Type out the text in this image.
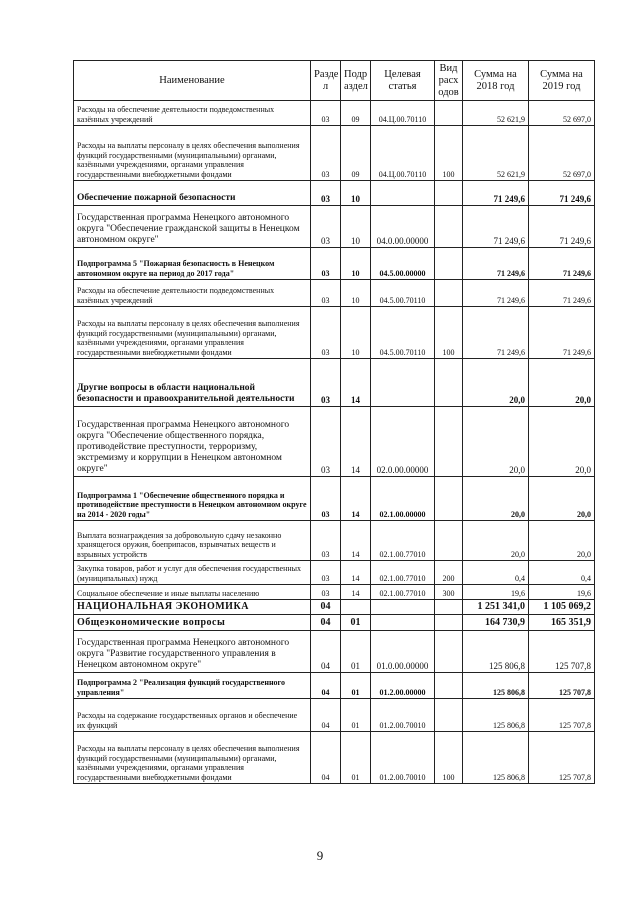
Наименование	Разде л	Подр аздел	Целевая статья	Вид расх одов	Сумма на 2018 год	Сумма на 2019 год
Расходы на обеспечение деятельности подведомственных казённых учреждений	03	09	04.Ц.00.70110		52 621,9	52 697,0
Расходы на выплаты персоналу в целях обеспечения выполнения функций государственными (муниципальными) органами, казёнными учреждениями, органами управления государственными внебюджетными фондами	03	09	04.Ц.00.70110	100	52 621,9	52 697,0
Обеспечение пожарной безопасности	03	10			71 249,6	71 249,6
Государственная программа Ненецкого автономного округа "Обеспечение гражданской защиты в Ненецком автономном округе"	03	10	04.0.00.00000		71 249,6	71 249,6
Подпрограмма 5 "Пожарная безопасность в Ненецком автономном округе на период до 2017 года"	03	10	04.5.00.00000		71 249,6	71 249,6
Расходы на обеспечение деятельности подведомственных казённых учреждений	03	10	04.5.00.70110		71 249,6	71 249,6
Расходы на выплаты персоналу в целях обеспечения выполнения функций государственными (муниципальными) органами, казёнными учреждениями, органами управления государственными внебюджетными фондами	03	10	04.5.00.70110	100	71 249,6	71 249,6
Другие вопросы в области национальной безопасности и правоохранительной деятельности	03	14			20,0	20,0
Государственная программа Ненецкого автономного округа "Обеспечение общественного порядка, противодействие преступности, терроризму, экстремизму и коррупции в Ненецком автономном округе"	03	14	02.0.00.00000		20,0	20,0
Подпрограмма 1 "Обеспечение общественного порядка и противодействие преступности в Ненецком автономном округе на 2014 - 2020 годы"	03	14	02.1.00.00000		20,0	20,0
Выплата вознаграждения за добровольную сдачу незаконно хранящегося оружия, боеприпасов, взрывчатых веществ и взрывных устройств	03	14	02.1.00.77010		20,0	20,0
Закупка товаров, работ и услуг для обеспечения государственных (муниципальных) нужд	03	14	02.1.00.77010	200	0,4	0,4
Социальное обеспечение и иные выплаты населению	03	14	02.1.00.77010	300	19,6	19,6
НАЦИОНАЛЬНАЯ ЭКОНОМИКА	04				1 251 341,0	1 105 069,2
Общеэкономические вопросы	04	01			164 730,9	165 351,9
Государственная программа Ненецкого автономного округа "Развитие государственного управления в Ненецком автономном округе"	04	01	01.0.00.00000		125 806,8	125 707,8
Подпрограмма 2 "Реализация функций государственного управления"	04	01	01.2.00.00000		125 806,8	125 707,8
Расходы на содержание государственных органов и обеспечение их функций	04	01	01.2.00.70010		125 806,8	125 707,8
Расходы на выплаты персоналу в целях обеспечения выполнения функций государственными (муниципальными) органами, казёнными учреждениями, органами управления государственными внебюджетными фондами	04	01	01.2.00.70010	100	125 806,8	125 707,8
9
